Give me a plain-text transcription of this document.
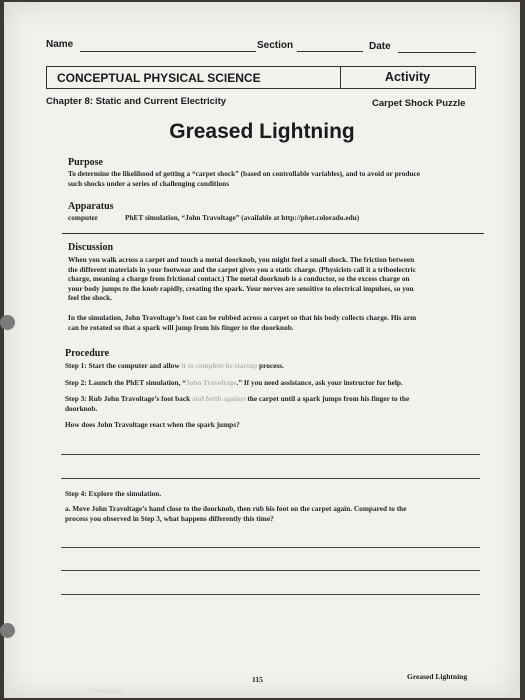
Name	Section	Date
CONCEPTUAL PHYSICAL SCIENCE	Activity
Chapter 8: Static and Current Electricity	Carpet Shock Puzzle
Greased Lightning
Purpose
To determine the likelihood of getting a “carpet shock” (based on controllable variables), and to avoid or produce
such shocks under a series of challenging conditions
Apparatus
computer	PhET simulation, “John Travoltage” (available at http://phet.colorado.edu)
Discussion
When you walk across a carpet and touch a metal doorknob, you might feel a small shock. The friction between
the different materials in your footwear and the carpet gives you a static charge. (Physicists call it a triboelectric
charge, meaning a charge from frictional contact.) The metal doorknob is a conductor, so the excess charge on
your body jumps to the knob rapidly, creating the spark. Your nerves are sensitive to electrical impulses, so you
feel the shock.
In the simulation, John Travoltage’s foot can be rubbed across a carpet so that his body collects charge. His arm
can be rotated so that a spark will jump from his finger to the doorknob.
Procedure
Step 1: Start the computer and allow it to complete its startup process.
Step 2: Launch the PhET simulation, “John Travoltage.” If you need assistance, ask your instructor for help.
Step 3: Rub John Travoltage’s foot back and forth against the carpet until a spark jumps from his finger to the
doorknob.
How does John Travoltage react when the spark jumps?
Step 4: Explore the simulation.
a. Move John Travoltage’s hand close to the doorknob, then rub his foot on the carpet again. Compared to the
process you observed in Step 3, what happens differently this time?
115	Greased Lightning
Travoltage
